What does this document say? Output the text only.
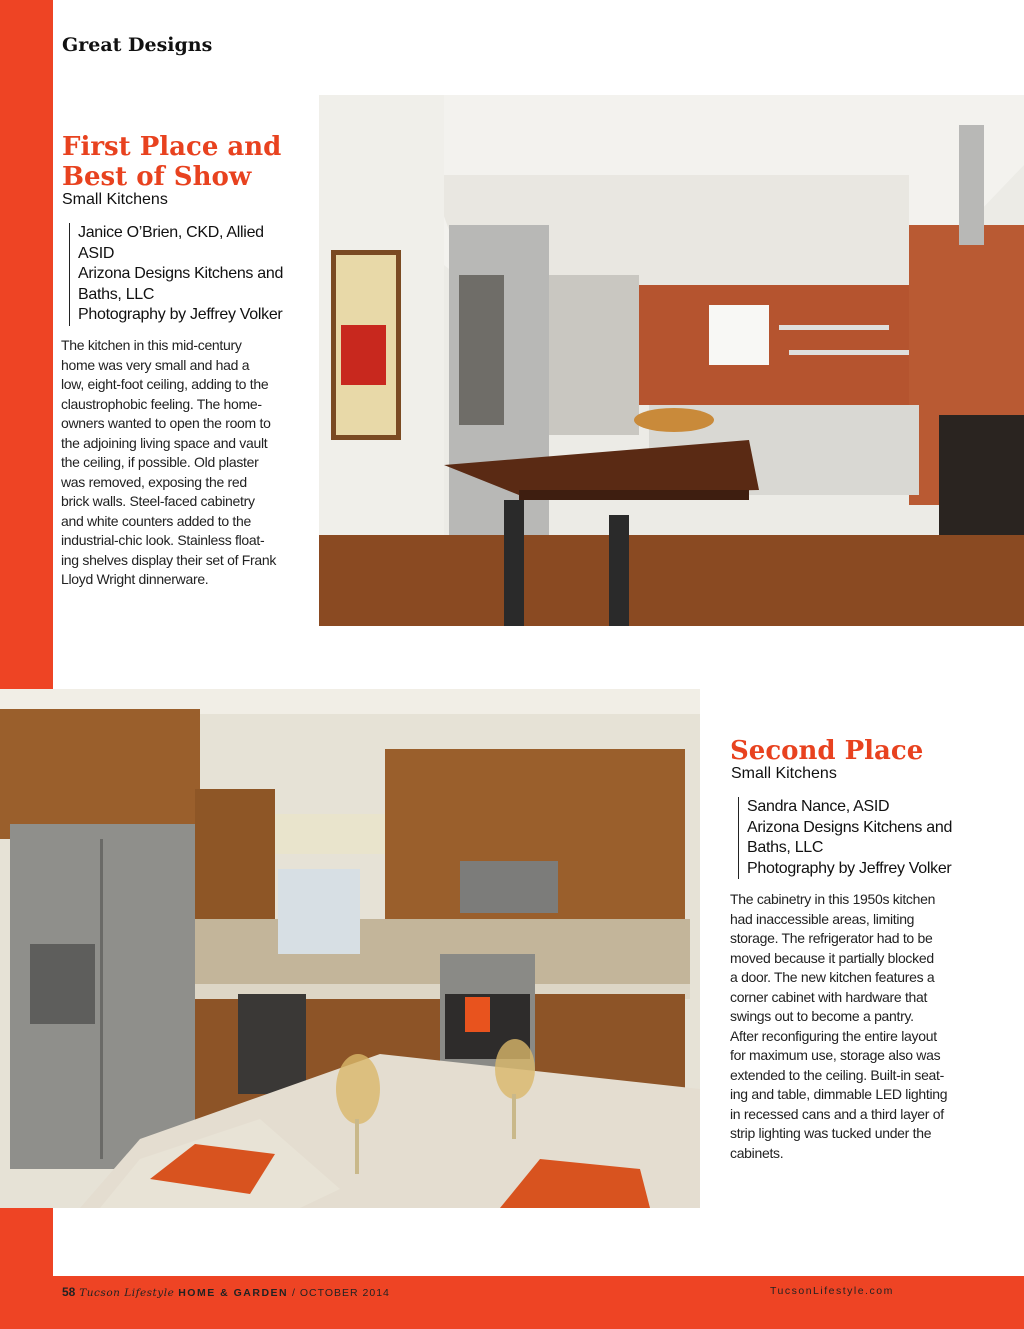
Great Designs
First Place and
Best of Show
Small Kitchens
Janice O’Brien, CKD, Allied
ASID
Arizona Designs Kitchens and
Baths, LLC
Photography by Jeffrey Volker
The kitchen in this mid-century
home was very small and had a
low, eight-foot ceiling, adding to the
claustrophobic feeling. The home-
owners wanted to open the room to
the adjoining living space and vault
the ceiling, if possible. Old plaster
was removed, exposing the red
brick walls. Steel-faced cabinetry
and white counters added to the
industrial-chic look. Stainless float-
ing shelves display their set of Frank
Lloyd Wright dinnerware.
Second Place
Small Kitchens
Sandra Nance, ASID
Arizona Designs Kitchens and
Baths, LLC
Photography by Jeffrey Volker
The cabinetry in this 1950s kitchen
had inaccessible areas, limiting
storage. The refrigerator had to be
moved because it partially blocked
a door. The new kitchen features a
corner cabinet with hardware that
swings out to become a pantry.
After reconfiguring the entire layout
for maximum use, storage also was
extended to the ceiling. Built-in seat-
ing and table, dimmable LED lighting
in recessed cans and a third layer of
strip lighting was tucked under the
cabinets.
58 Tucson Lifestyle HOME & GARDEN / OCTOBER 2014	TucsonLifestyle.com
